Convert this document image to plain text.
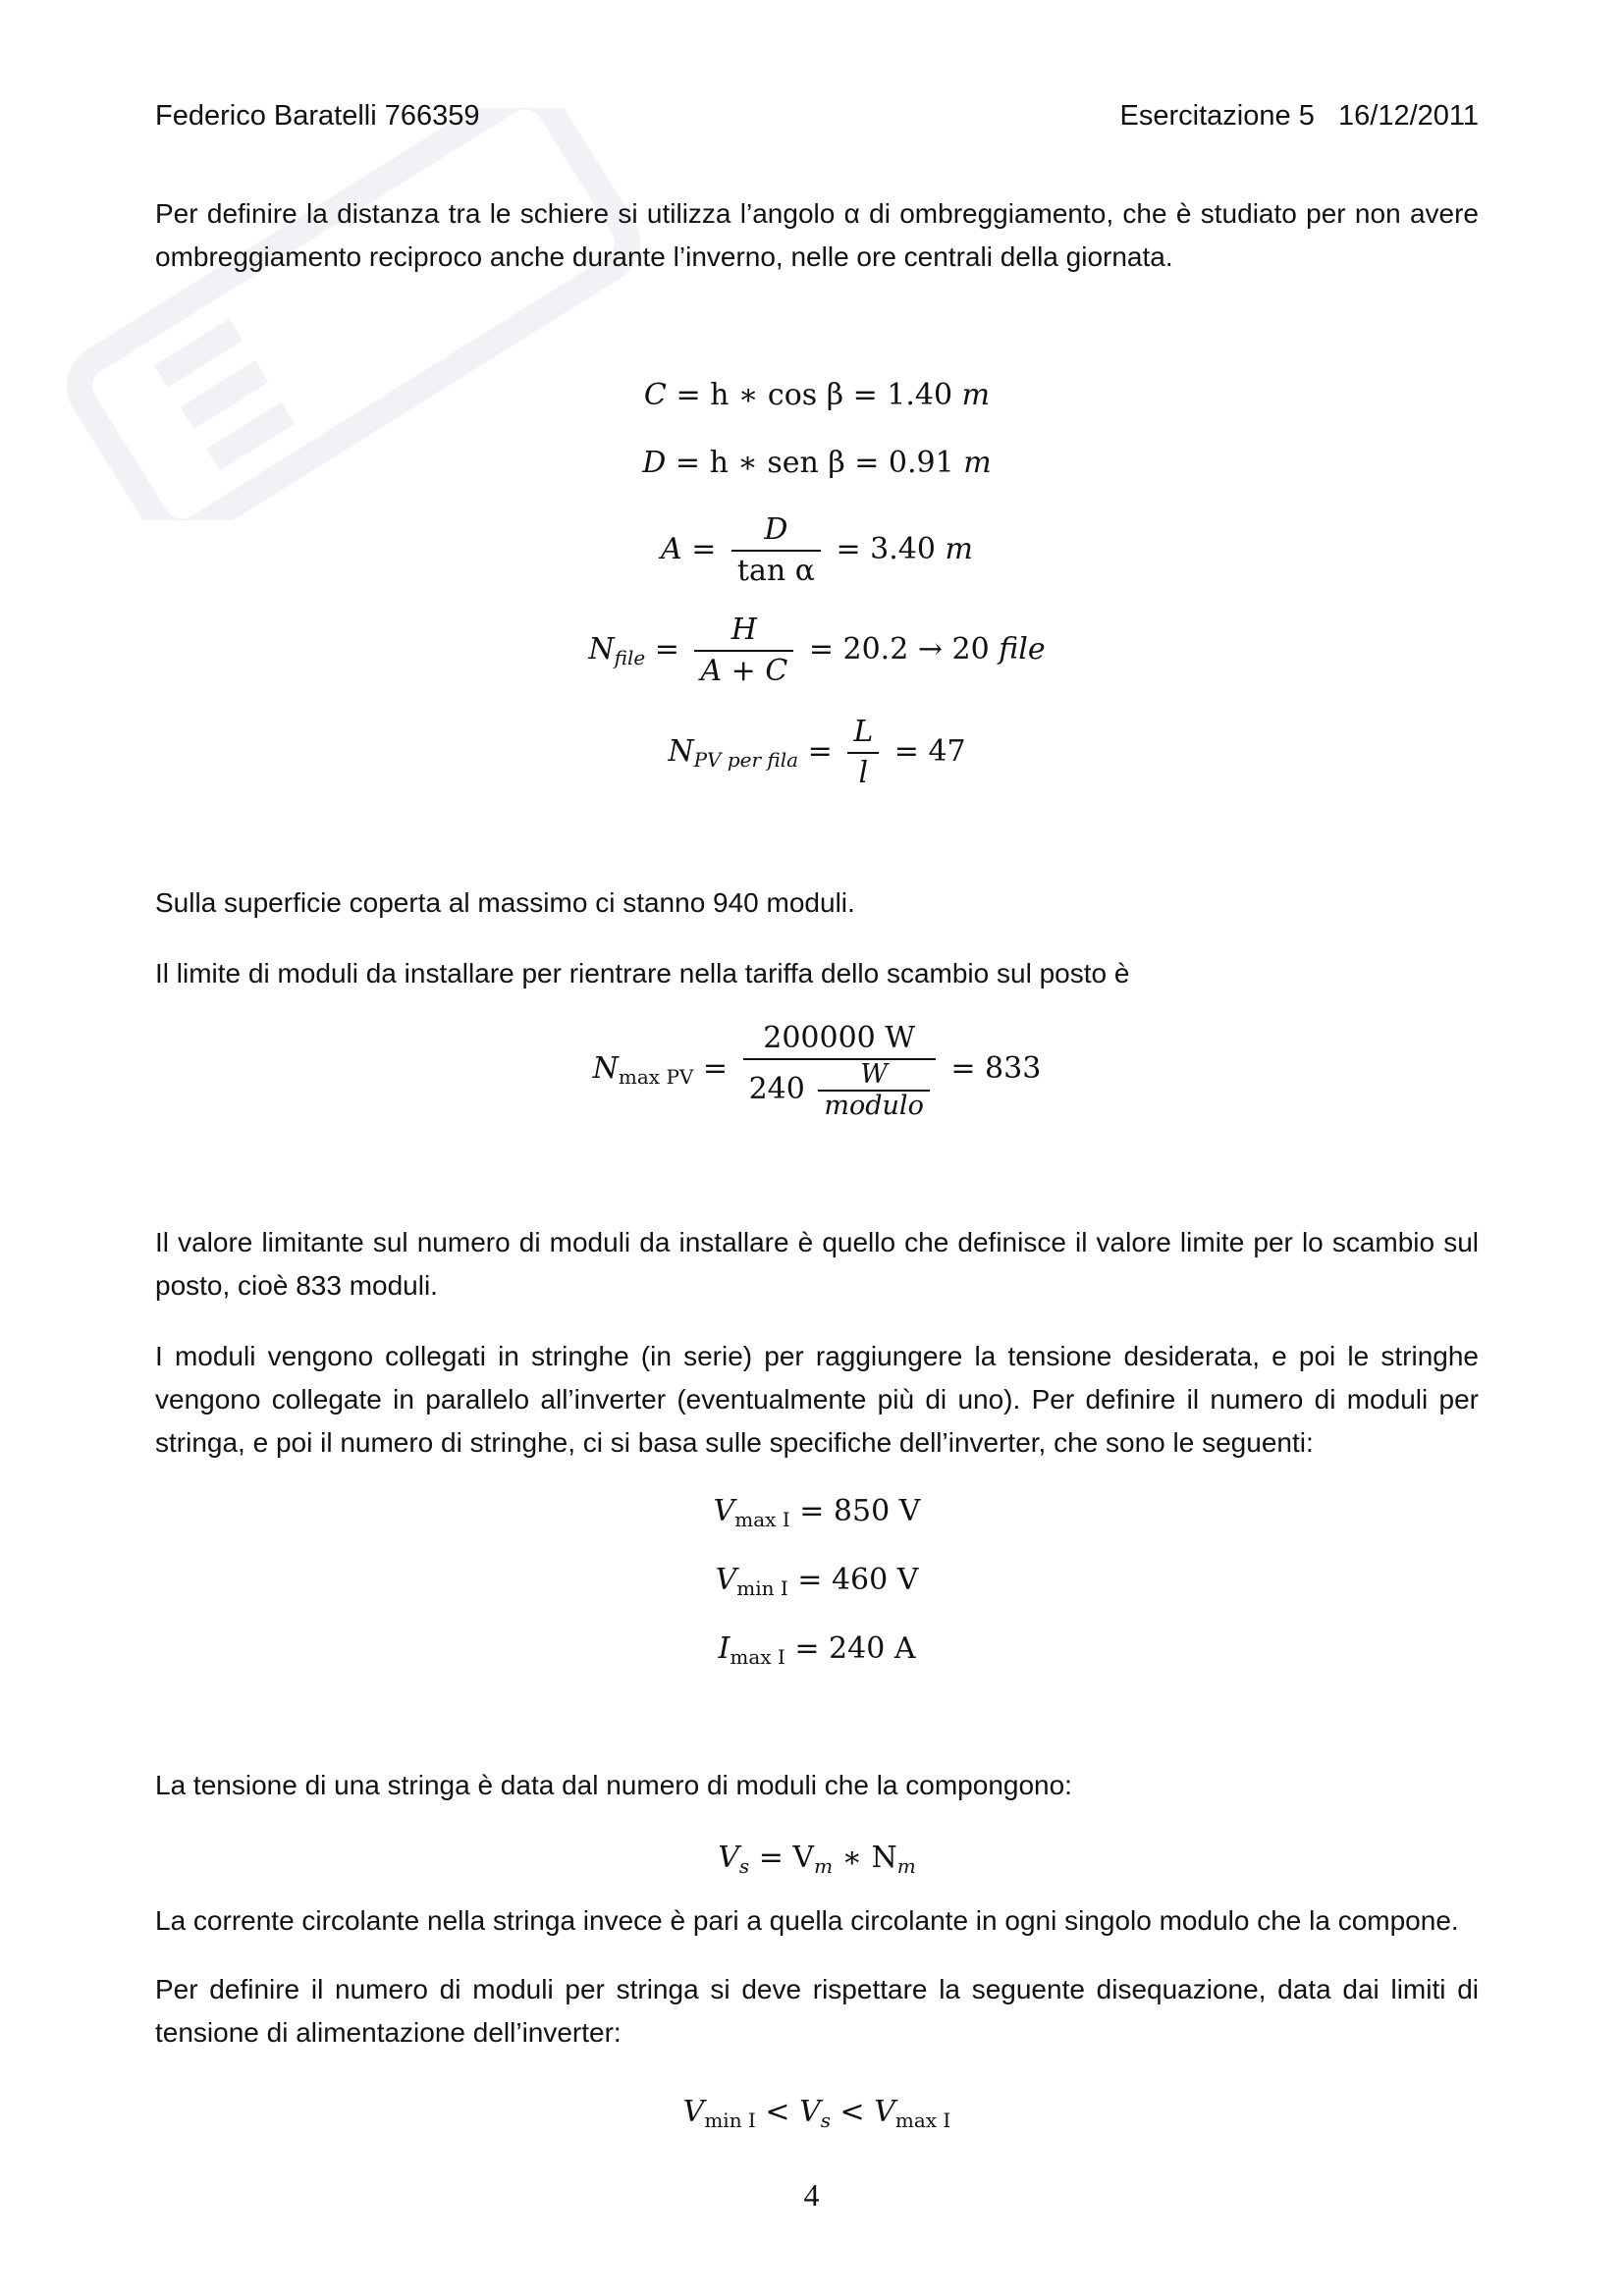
Federico Baratelli 766359	Esercitazione 5 16/12/2011

Per definire la distanza tra le schiere si utilizza l’angolo α di ombreggiamento, che è studiato per non avere ombreggiamento reciproco anche durante l’inverno, nelle ore centrali della giornata.

C = h ∗ cos β = 1.40 m
D = h ∗ sen β = 0.91 m
$A = \frac{D}{\text{tan α}} = 3.40$ m
$N_{file} = \frac{H}{A + C} = 20.2 \to 20$ file
$N_{PV per fila} = \frac{L}{l} = 47$

Sulla superficie coperta al massimo ci stanno 940 moduli.

Il limite di moduli da installare per rientrare nella tariffa dello scambio sul posto è

$N_{max PV} = \frac{200000 W}{240 \frac{W}{\text{modulo}}} = 833$

Il valore limitante sul numero di moduli da installare è quello che definisce il valore limite per lo scambio sul posto, cioè 833 moduli.

I moduli vengono collegati in stringhe (in serie) per raggiungere la tensione desiderata, e poi le stringhe vengono collegate in parallelo all’inverter (eventualmente più di uno). Per definire il numero di moduli per stringa, e poi il numero di stringhe, ci si basa sulle specifiche dell’inverter, che sono le seguenti:

$V_{max I} = 850$ V
$V_{min I} = 460$ V
$I_{max I} = 240$ A

La tensione di una stringa è data dal numero di moduli che la compongono:

$V_s = V_m$ ∗ $N_m$

La corrente circolante nella stringa invece è pari a quella circolante in ogni singolo modulo che la compone.

Per definire il numero di moduli per stringa si deve rispettare la seguente disequazione, data dai limiti di tensione di alimentazione dell’inverter:

$V_{min I} < V_s < V_{max I}$
4
